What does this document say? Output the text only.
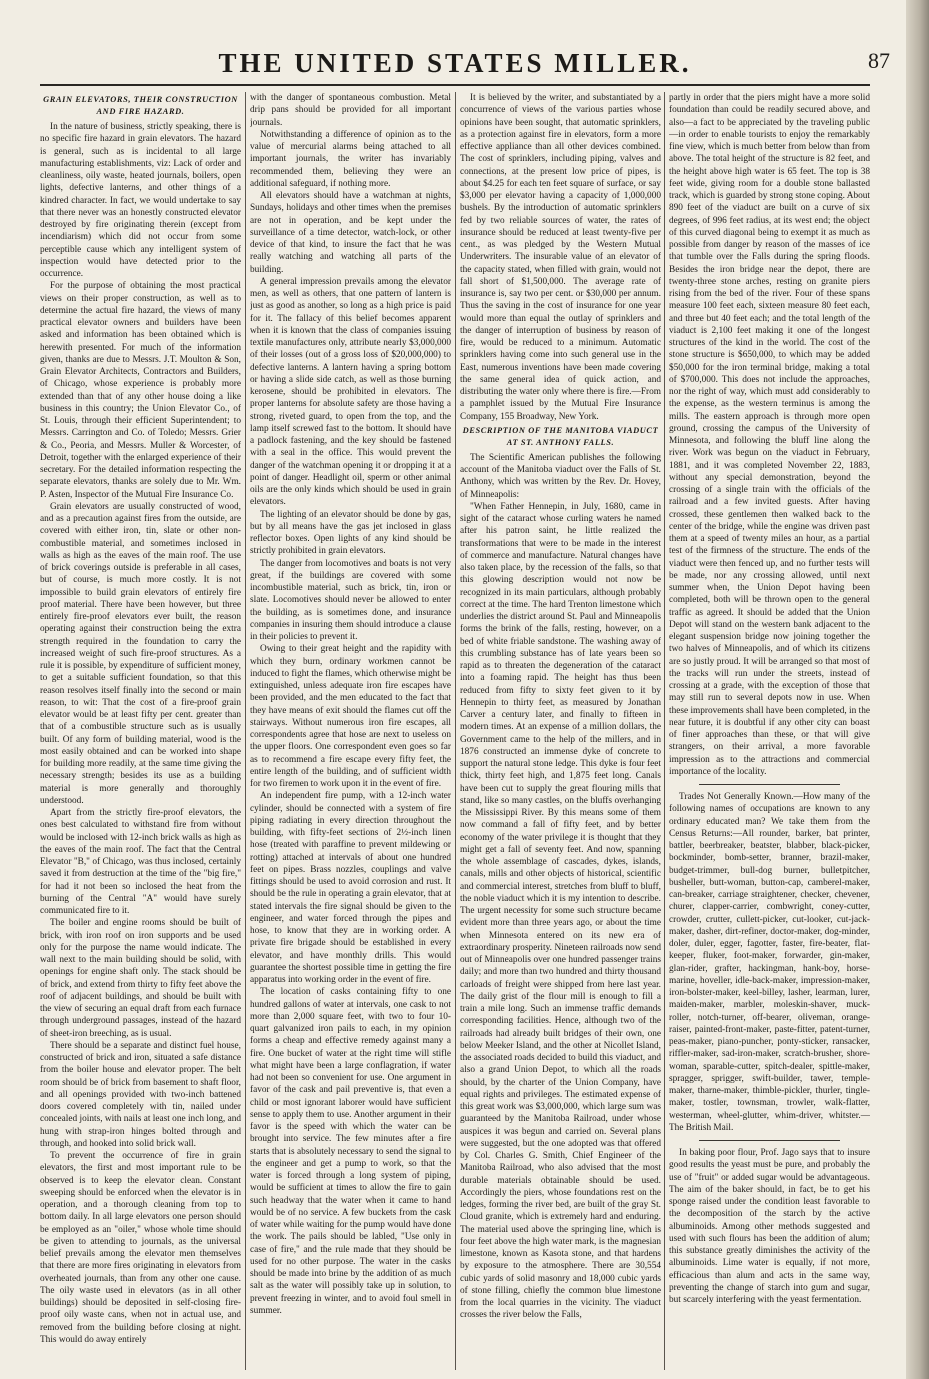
THE UNITED STATES MILLER.	87
GRAIN ELEVATORS, THEIR CONSTRUCTION AND FIRE HAZARD.

In the nature of business, strictly speaking, there is no specific fire hazard in grain elevators. The hazard is general, such as is incidental to all large manufacturing establishments, viz: Lack of order and cleanliness, oily waste, heated journals, boilers, open lights, defective lanterns, and other things of a kindred character. In fact, we would undertake to say that there never was an honestly constructed elevator destroyed by fire originating therein (except from incendiarism) which did not occur from some perceptible cause which any intelligent system of inspection would have detected prior to the occurrence.

For the purpose of obtaining the most practical views on their proper construction, as well as to determine the actual fire hazard, the views of many practical elevator owners and builders have been asked and information has been obtained which is herewith presented. For much of the information given, thanks are due to Messrs. J.T. Moulton & Son, Grain Elevator Architects, Contractors and Builders, of Chicago, whose experience is probably more extended than that of any other house doing a like business in this country; the Union Elevator Co., of St. Louis, through their efficient Superintendent; to Messrs. Carrington and Co. of Toledo; Messrs. Grier & Co., Peoria, and Messrs. Muller & Worcester, of Detroit, together with the enlarged experience of their secretary. For the detailed information respecting the separate elevators, thanks are solely due to Mr. Wm. P. Asten, Inspector of the Mutual Fire Insurance Co.

Grain elevators are usually constructed of wood, and as a precaution against fires from the outside, are covered with either iron, tin, slate or other non-combustible material, and sometimes inclosed in walls as high as the eaves of the main roof. The use of brick coverings outside is preferable in all cases, but of course, is much more costly. It is not impossible to build grain elevators of entirely fire proof material. There have been however, but three entirely fire-proof elevators ever built, the reason operating against their construction being the extra strength required in the foundation to carry the increased weight of such fire-proof structures. As a rule it is possible, by expenditure of sufficient money, to get a suitable sufficient foundation, so that this reason resolves itself finally into the second or main reason, to wit: That the cost of a fire-proof grain elevator would be at least fifty per cent. greater than that of a combustible structure such as is usually built. Of any form of building material, wood is the most easily obtained and can be worked into shape for building more readily, at the same time giving the necessary strength; besides its use as a building material is more generally and thoroughly understood.

Apart from the strictly fire-proof elevators, the ones best calculated to withstand fire from without would be inclosed with 12-inch brick walls as high as the eaves of the main roof. The fact that the Central Elevator "B," of Chicago, was thus inclosed, certainly saved it from destruction at the time of the "big fire," for had it not been so inclosed the heat from the burning of the Central "A" would have surely communicated fire to it.

The boiler and engine rooms should be built of brick, with iron roof on iron supports and be used only for the purpose the name would indicate. The wall next to the main building should be solid, with openings for engine shaft only. The stack should be of brick, and extend from thirty to fifty feet above the roof of adjacent buildings, and should be built with the view of securing an equal draft from each furnace through underground passages, instead of the hazard of sheet-iron breeching, as is usual.

There should be a separate and distinct fuel house, constructed of brick and iron, situated a safe distance from the boiler house and elevator proper. The belt room should be of brick from basement to shaft floor, and all openings provided with two-inch battened doors covered completely with tin, nailed under concealed joints, with nails at least one inch long, and hung with strap-iron hinges bolted through and through, and hooked into solid brick wall.

To prevent the occurrence of fire in grain elevators, the first and most important rule to be observed is to keep the elevator clean. Constant sweeping should be enforced when the elevator is in operation, and a thorough cleaning from top to bottom daily. In all large elevators one person should be employed as an "oiler," whose whole time should be given to attending to journals, as the universal belief prevails among the elevator men themselves that there are more fires originating in elevators from overheated journals, than from any other one cause. The oily waste used in elevators (as in all other buildings) should be deposited in self-closing fire-proof oily waste cans, when not in actual use, and removed from the building before closing at night. This would do away entirely

with the danger of spontaneous combustion. Metal drip pans should be provided for all important journals.

Notwithstanding a difference of opinion as to the value of mercurial alarms being attached to all important journals, the writer has invariably recommended them, believing they were an additional safeguard, if nothing more.

All elevators should have a watchman at nights, Sundays, holidays and other times when the premises are not in operation, and be kept under the surveillance of a time detector, watch-lock, or other device of that kind, to insure the fact that he was really watching and watching all parts of the building.

A general impression prevails among the elevator men, as well as others, that one pattern of lantern is just as good as another, so long as a high price is paid for it. The fallacy of this belief becomes apparent when it is known that the class of companies issuing textile manufactures only, attribute nearly $3,000,000 of their losses (out of a gross loss of $20,000,000) to defective lanterns. A lantern having a spring bottom or having a slide side catch, as well as those burning kerosene, should be prohibited in elevators. The proper lanterns for absolute safety are those having a strong, riveted guard, to open from the top, and the lamp itself screwed fast to the bottom. It should have a padlock fastening, and the key should be fastened with a seal in the office. This would prevent the danger of the watchman opening it or dropping it at a point of danger. Headlight oil, sperm or other animal oils are the only kinds which should be used in grain elevators.

The lighting of an elevator should be done by gas, but by all means have the gas jet inclosed in glass reflector boxes. Open lights of any kind should be strictly prohibited in grain elevators.

The danger from locomotives and boats is not very great, if the buildings are covered with some incombustible material, such as brick, tin, iron or slate. Locomotives should never be allowed to enter the building, as is sometimes done, and insurance companies in insuring them should introduce a clause in their policies to prevent it.

Owing to their great height and the rapidity with which they burn, ordinary workmen cannot be induced to fight the flames, which otherwise might be extinguished, unless adequate iron fire escapes have been provided, and the men educated to the fact that they have means of exit should the flames cut off the stairways. Without numerous iron fire escapes, all correspondents agree that hose are next to useless on the upper floors. One correspondent even goes so far as to recommend a fire escape every fifty feet, the entire length of the building, and of sufficient width for two firemen to work upon it in the event of fire.

An independent fire pump, with a 12-inch water cylinder, should be connected with a system of fire piping radiating in every direction throughout the building, with fifty-feet sections of 2½-inch linen hose (treated with paraffine to prevent mildewing or rotting) attached at intervals of about one hundred feet on pipes. Brass nozzles, couplings and valve fittings should be used to avoid corrosion and rust. It should be the rule in operating a grain elevator, that at stated intervals the fire signal should be given to the engineer, and water forced through the pipes and hose, to know that they are in working order. A private fire brigade should be established in every elevator, and have monthly drills. This would guarantee the shortest possible time in getting the fire apparatus into working order in the event of fire.

The location of casks containing fifty to one hundred gallons of water at intervals, one cask to not more than 2,000 square feet, with two to four 10-quart galvanized iron pails to each, in my opinion forms a cheap and effective remedy against many a fire. One bucket of water at the right time will stifle what might have been a large conflagration, if water had not been so convenient for use. One argument in favor of the cask and pail preventive is, that even a child or most ignorant laborer would have sufficient sense to apply them to use. Another argument in their favor is the speed with which the water can be brought into service. The few minutes after a fire starts that is absolutely necessary to send the signal to the engineer and get a pump to work, so that the water is forced through a long system of piping, would be sufficient at times to allow the fire to gain such headway that the water when it came to hand would be of no service. A few buckets from the cask of water while waiting for the pump would have done the work. The pails should be labled, "Use only in case of fire," and the rule made that they should be used for no other purpose. The water in the casks should be made into brine by the addition of as much salt as the water will possibly take up in solution, to prevent freezing in winter, and to avoid foul smell in summer.

It is believed by the writer, and substantiated by a concurrence of views of the various parties whose opinions have been sought, that automatic sprinklers, as a protection against fire in elevators, form a more effective appliance than all other devices combined. The cost of sprinklers, including piping, valves and connections, at the present low price of pipes, is about $4.25 for each ten feet square of surface, or say $3,000 per elevator having a capacity of 1,000,000 bushels. By the introduction of automatic sprinklers fed by two reliable sources of water, the rates of insurance should be reduced at least twenty-five per cent., as was pledged by the Western Mutual Underwriters. The insurable value of an elevator of the capacity stated, when filled with grain, would not fall short of $1,500,000. The average rate of insurance is, say two per cent. or $30,000 per annum. Thus the saving in the cost of insurance for one year would more than equal the outlay of sprinklers and the danger of interruption of business by reason of fire, would be reduced to a minimum. Automatic sprinklers having come into such general use in the East, numerous inventions have been made covering the same general idea of quick action, and distributing the water only where there is fire.—From a pamphlet issued by the Mutual Fire Insurance Company, 155 Broadway, New York.

DESCRIPTION OF THE MANITOBA VIADUCT AT ST. ANTHONY FALLS.

The Scientific American publishes the following account of the Manitoba viaduct over the Falls of St. Anthony, which was written by the Rev. Dr. Hovey, of Minneapolis:

"When Father Hennepin, in July, 1680, came in sight of the cataract whose curling waters he named after his patron saint, he little realized the transformations that were to be made in the interest of commerce and manufacture. Natural changes have also taken place, by the recession of the falls, so that this glowing description would not now be recognized in its main particulars, although probably correct at the time. The hard Trenton limestone which underlies the district around St. Paul and Minneapolis forms the brink of the falls, resting, however, on a bed of white friable sandstone. The washing away of this crumbling substance has of late years been so rapid as to threaten the degeneration of the cataract into a foaming rapid. The height has thus been reduced from fifty to sixty feet given to it by Hennepin to thirty feet, as measured by Jonathan Carver a century later, and finally to fifteen in modern times. At an expense of a million dollars, the Government came to the help of the millers, and in 1876 constructed an immense dyke of concrete to support the natural stone ledge. This dyke is four feet thick, thirty feet high, and 1,875 feet long. Canals have been cut to supply the great flouring mills that stand, like so many castles, on the bluffs overhanging the Mississippi River. By this means some of them now command a fall of fifty feet, and by better economy of the water privilege it is thought that they might get a fall of seventy feet. And now, spanning the whole assemblage of cascades, dykes, islands, canals, mills and other objects of historical, scientific and commercial interest, stretches from bluff to bluff, the noble viaduct which it is my intention to describe. The urgent necessity for some such structure became evident more than three years ago, or about the time when Minnesota entered on its new era of extraordinary prosperity. Nineteen railroads now send out of Minneapolis over one hundred passenger trains daily; and more than two hundred and thirty thousand carloads of freight were shipped from here last year. The daily grist of the flour mill is enough to fill a train a mile long. Such an immense traffic demands corresponding facilities. Hence, although two of the railroads had already built bridges of their own, one below Meeker Island, and the other at Nicollet Island, the associated roads decided to build this viaduct, and also a grand Union Depot, to which all the roads should, by the charter of the Union Company, have equal rights and privileges. The estimated expense of this great work was $3,000,000, which large sum was guaranteed by the Manitoba Railroad, under whose auspices it was begun and carried on. Several plans were suggested, but the one adopted was that offered by Col. Charles G. Smith, Chief Engineer of the Manitoba Railroad, who also advised that the most durable materials obtainable should be used. Accordingly the piers, whose foundations rest on the ledges, forming the river bed, are built of the gray St. Cloud granite, which is extremely hard and enduring. The material used above the springing line, which is four feet above the high water mark, is the magnesian limestone, known as Kasota stone, and that hardens by exposure to the atmosphere. There are 30,554 cubic yards of solid masonry and 18,000 cubic yards of stone filling, chiefly the common blue limestone from the local quarries in the vicinity. The viaduct crosses the river below the Falls,

partly in order that the piers might have a more solid foundation than could be readily secured above, and also—a fact to be appreciated by the traveling public—in order to enable tourists to enjoy the remarkably fine view, which is much better from below than from above. The total height of the structure is 82 feet, and the height above high water is 65 feet. The top is 38 feet wide, giving room for a double stone ballasted track, which is guarded by strong stone coping. About 890 feet of the viaduct are built on a curve of six degrees, of 996 feet radius, at its west end; the object of this curved diagonal being to exempt it as much as possible from danger by reason of the masses of ice that tumble over the Falls during the spring floods. Besides the iron bridge near the depot, there are twenty-three stone arches, resting on granite piers rising from the bed of the river. Four of these spans measure 100 feet each, sixteen measure 80 feet each, and three but 40 feet each; and the total length of the viaduct is 2,100 feet making it one of the longest structures of the kind in the world. The cost of the stone structure is $650,000, to which may be added $50,000 for the iron terminal bridge, making a total of $700,000. This does not include the approaches, nor the right of way, which must add considerably to the expense, as the western terminus is among the mills. The eastern approach is through more open ground, crossing the campus of the University of Minnesota, and following the bluff line along the river. Work was begun on the viaduct in February, 1881, and it was completed November 22, 1883, without any special demonstration, beyond the crossing of a single train with the officials of the railroad and a few invited guests. After having crossed, these gentlemen then walked back to the center of the bridge, while the engine was driven past them at a speed of twenty miles an hour, as a partial test of the firmness of the structure. The ends of the viaduct were then fenced up, and no further tests will be made, nor any crossing allowed, until next summer when, the Union Depot having been completed, both will be thrown open to the general traffic as agreed. It should be added that the Union Depot will stand on the western bank adjacent to the elegant suspension bridge now joining together the two halves of Minneapolis, and of which its citizens are so justly proud. It will be arranged so that most of the tracks will run under the streets, instead of crossing at a grade, with the exception of those that may still run to several depots now in use. When these improvements shall have been completed, in the near future, it is doubtful if any other city can boast of finer approaches than these, or that will give strangers, on their arrival, a more favorable impression as to the attractions and commercial importance of the locality.

Trades Not Generally Known.—How many of the following names of occupations are known to any ordinary educated man? We take them from the Census Returns:—All rounder, barker, bat printer, battler, beerbreaker, beatster, blabber, black-picker, bockminder, bomb-setter, branner, brazil-maker, budget-trimmer, bull-dog burner, bulletpitcher, busheller, butt-woman, button-cap, camberel-maker, can-breaker, carriage straightener, checker, chevener, churer, clapper-carrier, combwright, coney-cutter, crowder, crutter, cullett-picker, cut-looker, cut-jack-maker, dasher, dirt-refiner, doctor-maker, dog-minder, doler, duler, egger, fagotter, faster, fire-beater, flat-keeper, fluker, foot-maker, forwarder, gin-maker, glan-rider, grafter, hackingman, hank-boy, horse-marine, hoveller, idle-back-maker, impression-maker, iron-bolster-maker, keel-billey, lasher, learman, lurer, maiden-maker, marbler, moleskin-shaver, muck-roller, notch-turner, off-bearer, oliveman, orange-raiser, painted-front-maker, paste-fitter, patent-turner, peas-maker, piano-puncher, ponty-sticker, ransacker, riffler-maker, sad-iron-maker, scratch-brusher, shore-woman, sparable-cutter, spitch-dealer, spittle-maker, spragger, sprigger, swift-builder, tawer, temple-maker, tharne-maker, thimble-pickler, thurler, tingle-maker, tostler, townsman, trowler, walk-flatter, westerman, wheel-glutter, whim-driver, whitster.—The British Mail.

In baking poor flour, Prof. Jago says that to insure good results the yeast must be pure, and probably the use of "fruit" or added sugar would be advantageous. The aim of the baker should, in fact, be to get his sponge raised under the condition least favorable to the decomposition of the starch by the active albuminoids. Among other methods suggested and used with such flours has been the addition of alum; this substance greatly diminishes the activity of the albuminoids. Lime water is equally, if not more, efficacious than alum and acts in the same way, preventing the change of starch into gum and sugar, but scarcely interfering with the yeast fermentation.
